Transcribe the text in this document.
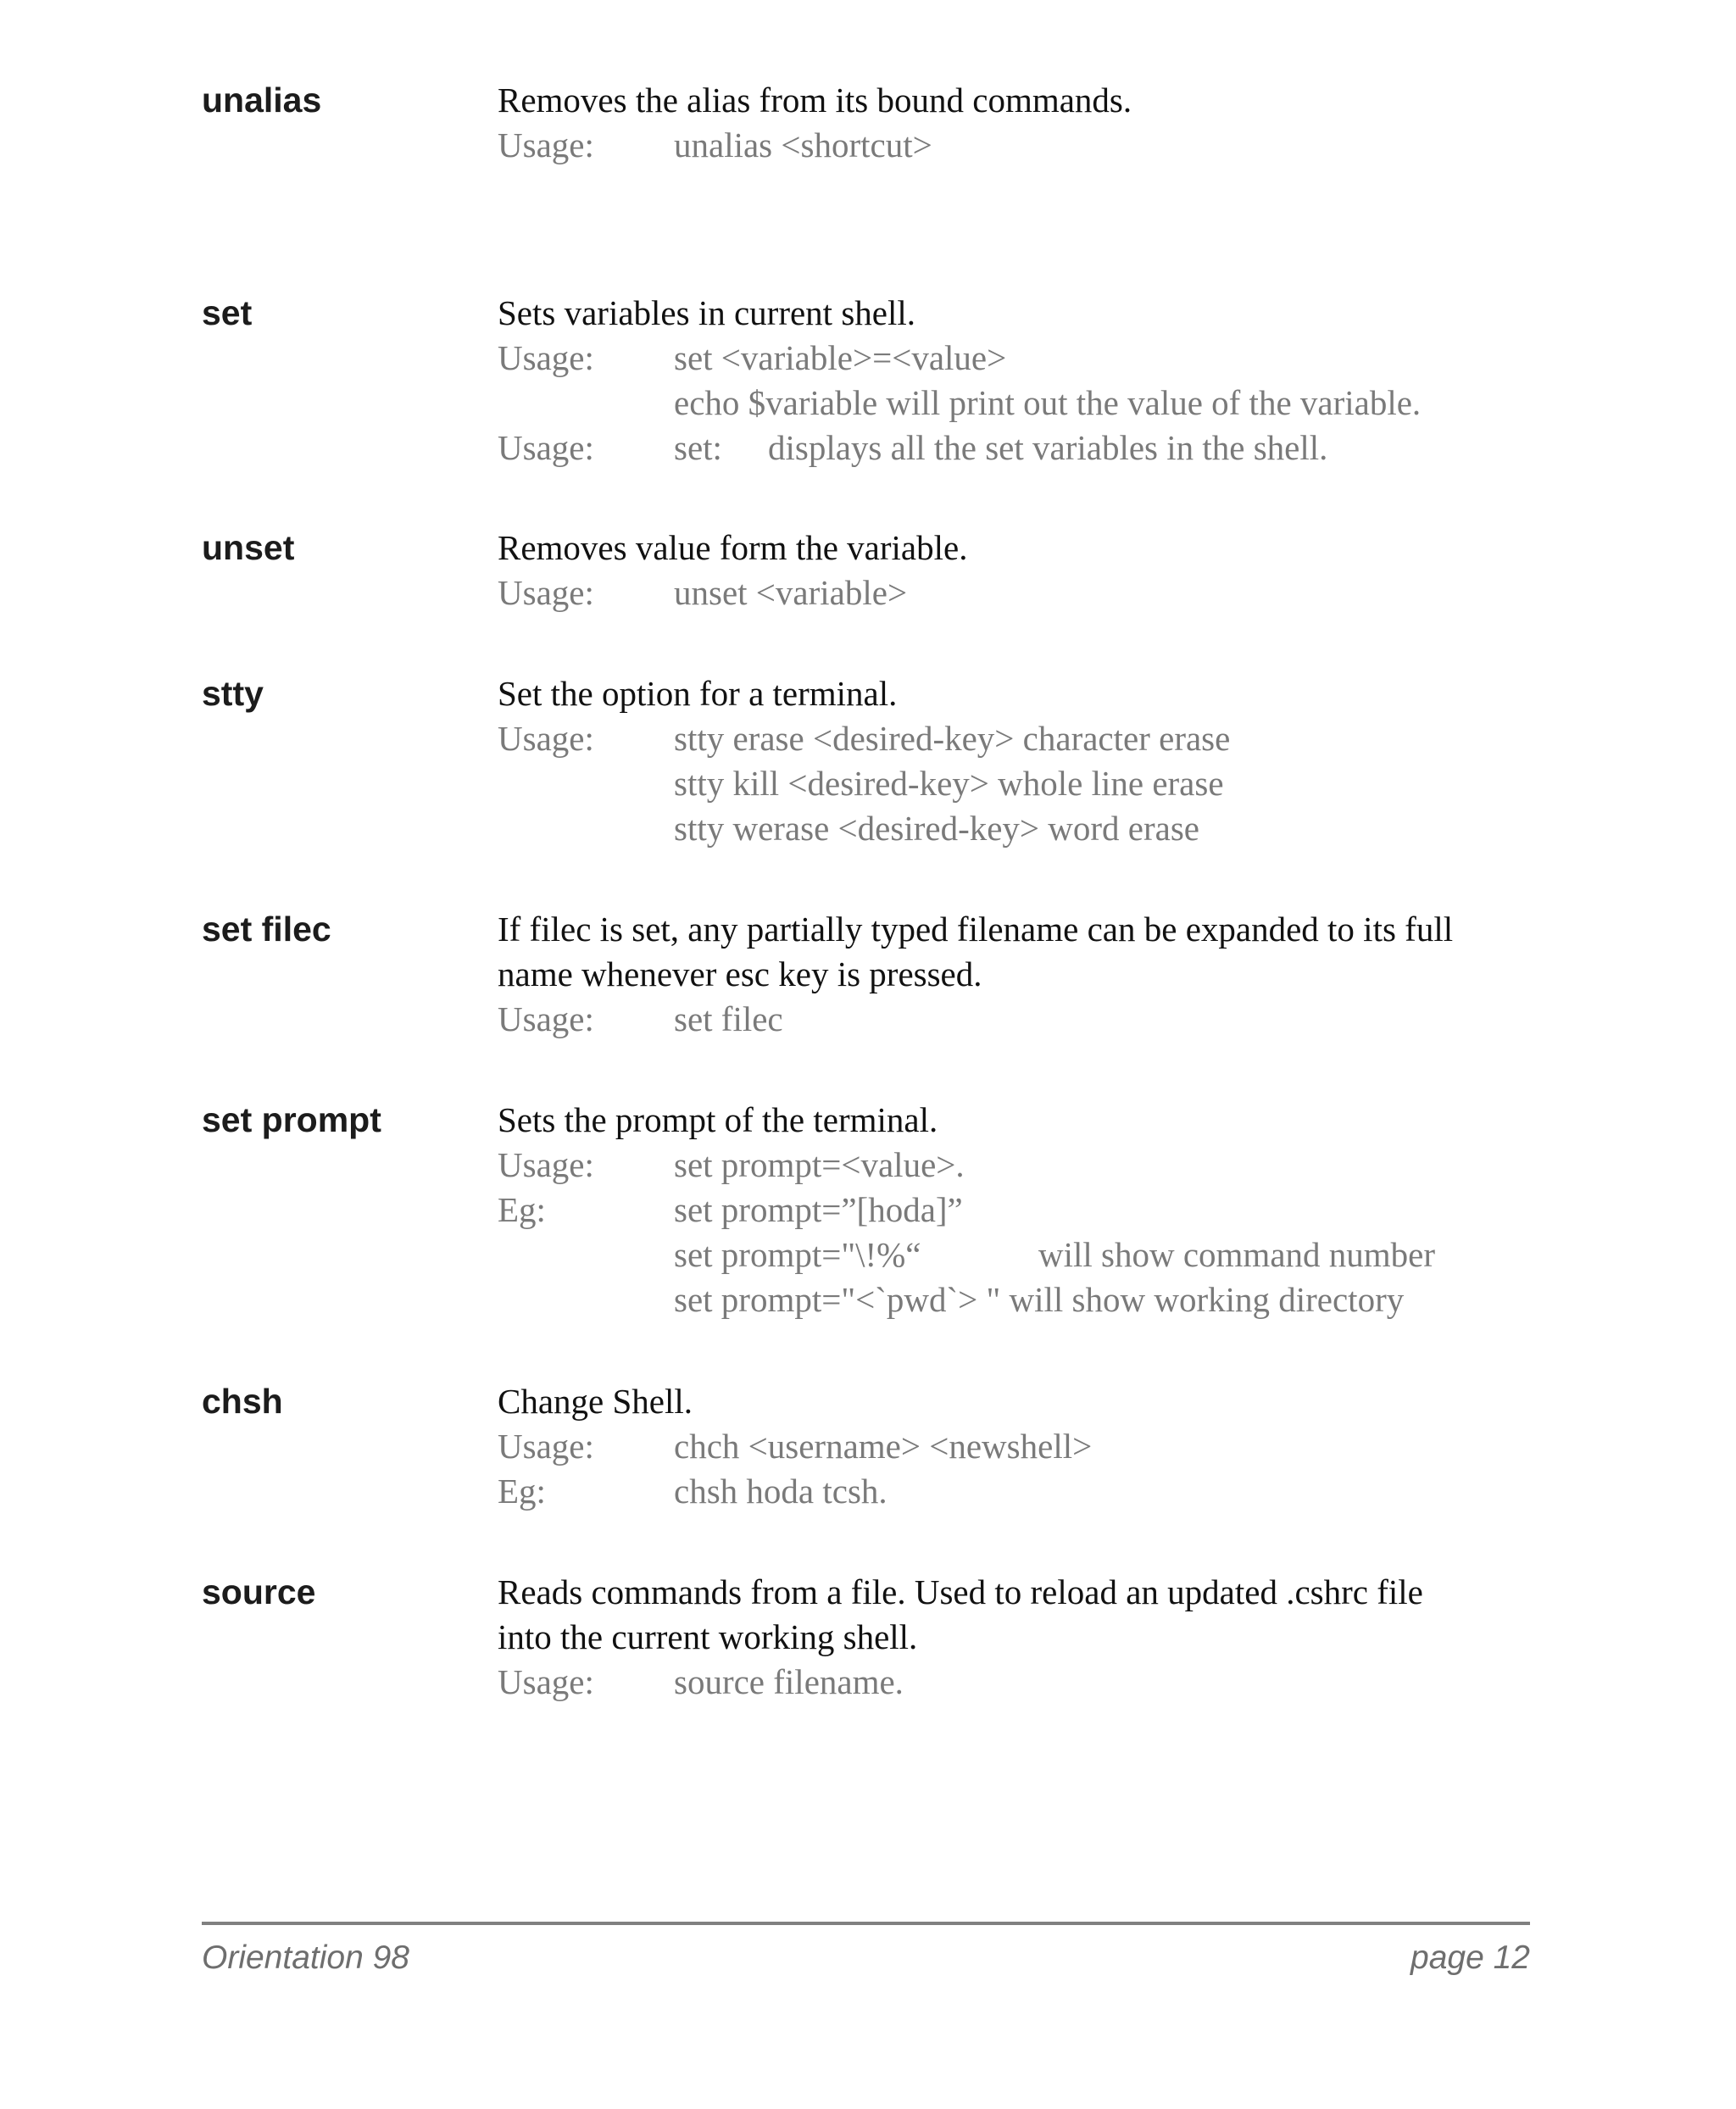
unalias	Removes the alias from its bound commands.
Usage: unalias <shortcut>
set	Sets variables in current shell.
Usage: set <variable>=<value>
echo $variable will print out the value of the variable.
Usage: set: displays all the set variables in the shell.
unset	Removes value form the variable.
Usage: unset <variable>
stty	Set the option for a terminal.
Usage: stty erase <desired-key> character erase
stty kill <desired-key> whole line erase
stty werase <desired-key> word erase
set filec	If filec is set, any partially typed filename can be expanded to its full
name whenever esc key is pressed.
Usage: set filec
set prompt	Sets the prompt of the terminal.
Usage: set prompt=<value>.
Eg:	set prompt=”[hoda]”
set prompt="\!%“	will show command number
set prompt="<`pwd`> " will show working directory
chsh	Change Shell.
Usage: chch <username> <newshell>
Eg:	chsh hoda tcsh.
source	Reads commands from a file. Used to reload an updated .cshrc file
into the current working shell.
Usage: source filename.
Orientation 98	page 12
